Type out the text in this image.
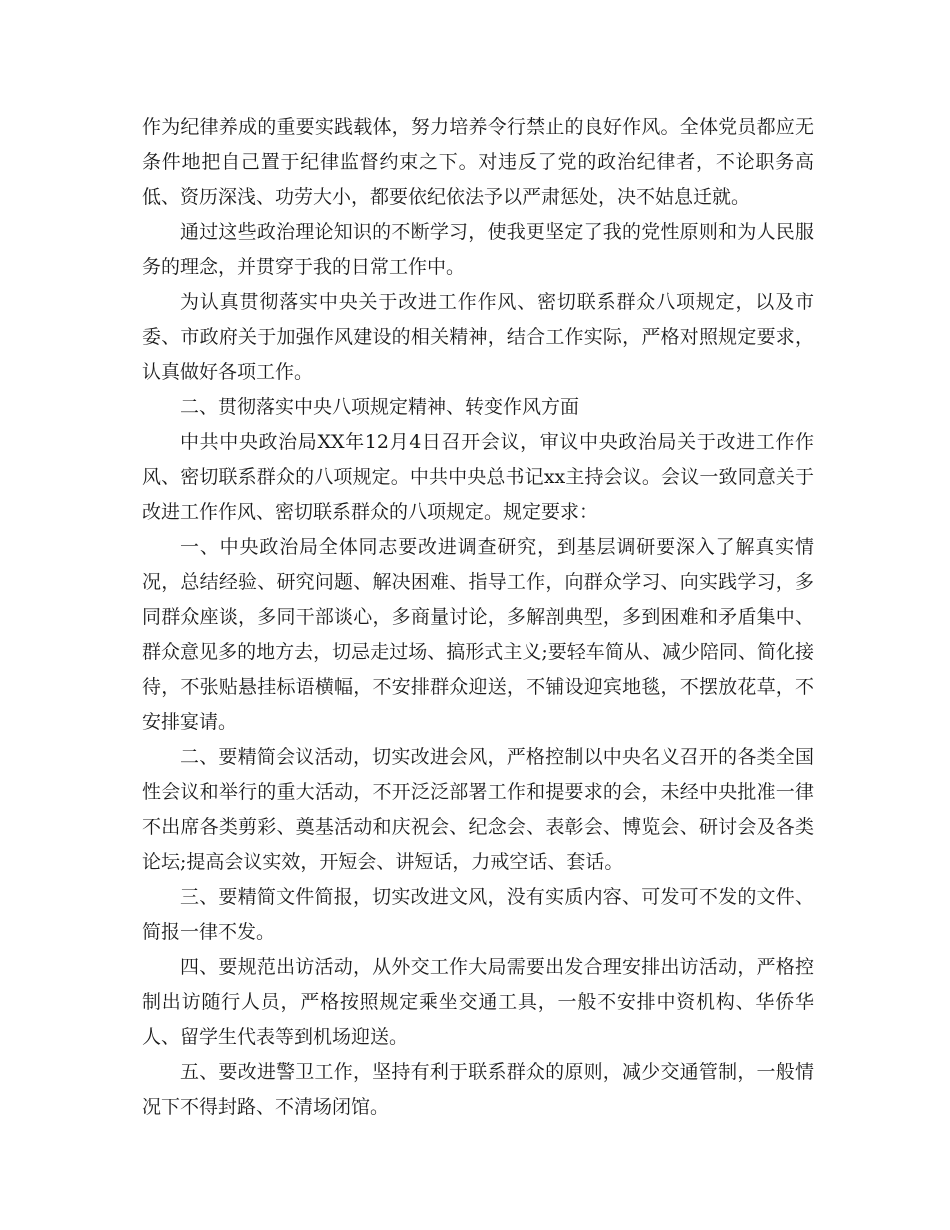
作为纪律养成的重要实践载体，努力培养令行禁止的良好作风。全体党员都应无条件地把自己置于纪律监督约束之下。对违反了党的政治纪律者，不论职务高低、资历深浅、功劳大小，都要依纪依法予以严肃惩处，决不姑息迁就。

通过这些政治理论知识的不断学习，使我更坚定了我的党性原则和为人民服务的理念，并贯穿于我的日常工作中。

为认真贯彻落实中央关于改进工作作风、密切联系群众八项规定，以及市委、市政府关于加强作风建设的相关精神，结合工作实际，严格对照规定要求，认真做好各项工作。

二、贯彻落实中央八项规定精神、转变作风方面

中共中央政治局XX年12月4日召开会议，审议中央政治局关于改进工作作风、密切联系群众的八项规定。中共中央总书记xx主持会议。会议一致同意关于改进工作作风、密切联系群众的八项规定。规定要求：

一、中央政治局全体同志要改进调查研究，到基层调研要深入了解真实情况，总结经验、研究问题、解决困难、指导工作，向群众学习、向实践学习，多同群众座谈，多同干部谈心，多商量讨论，多解剖典型，多到困难和矛盾集中、群众意见多的地方去，切忌走过场、搞形式主义;要轻车简从、减少陪同、简化接待，不张贴悬挂标语横幅，不安排群众迎送，不铺设迎宾地毯，不摆放花草，不安排宴请。

二、要精简会议活动，切实改进会风，严格控制以中央名义召开的各类全国性会议和举行的重大活动，不开泛泛部署工作和提要求的会，未经中央批准一律不出席各类剪彩、奠基活动和庆祝会、纪念会、表彰会、博览会、研讨会及各类论坛;提高会议实效，开短会、讲短话，力戒空话、套话。

三、要精简文件简报，切实改进文风，没有实质内容、可发可不发的文件、简报一律不发。

四、要规范出访活动，从外交工作大局需要出发合理安排出访活动，严格控制出访随行人员，严格按照规定乘坐交通工具，一般不安排中资机构、华侨华人、留学生代表等到机场迎送。

五、要改进警卫工作，坚持有利于联系群众的原则，减少交通管制，一般情况下不得封路、不清场闭馆。
